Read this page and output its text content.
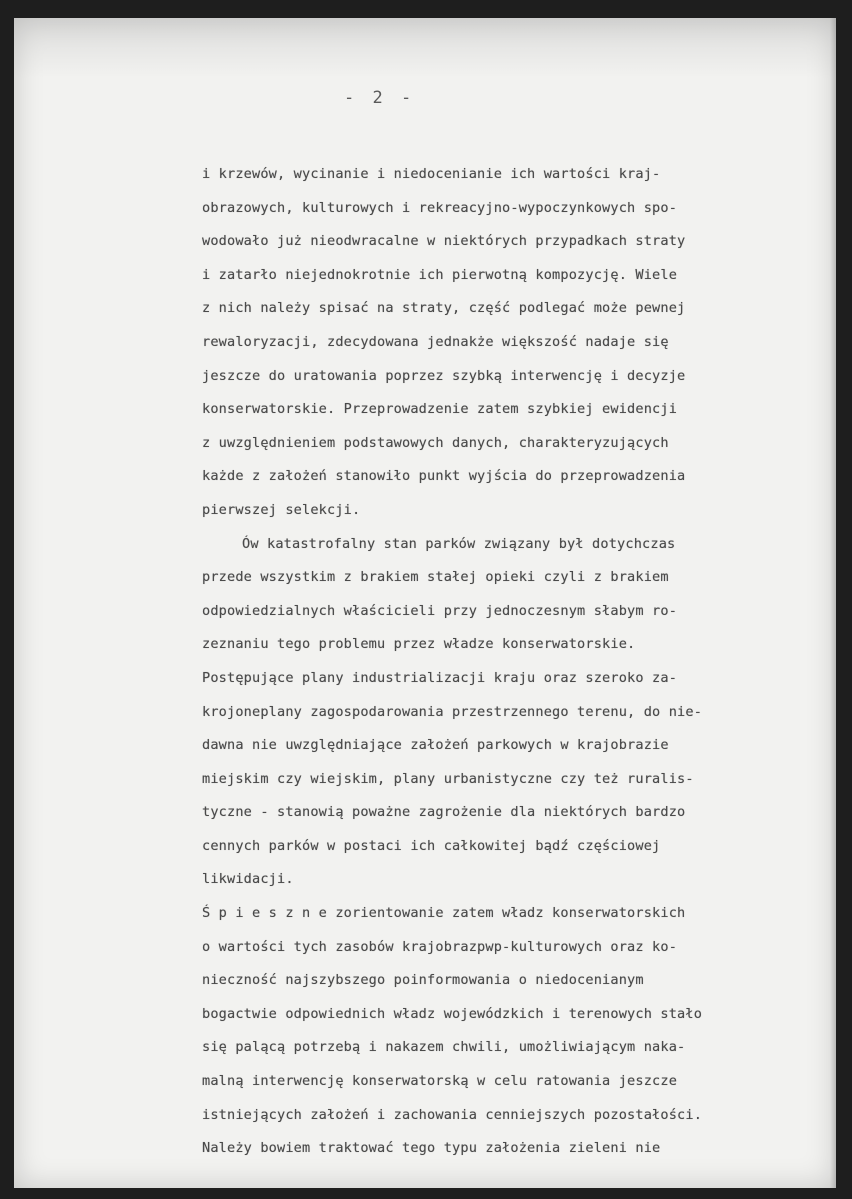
- 2 -
i krzewów, wycinanie i niedocenianie ich wartości kraj-
obrazowych, kulturowych i rekreacyjno-wypoczynkowych spo-
wodowało już nieodwracalne w niektórych przypadkach straty
i zatarło niejednokrotnie ich pierwotną kompozycję. Wiele
z nich należy spisać na straty, część podlegać może pewnej
rewaloryzacji, zdecydowana jednakże większość nadaje się
jeszcze do uratowania poprzez szybką interwencję i decyzje
konserwatorskie. Przeprowadzenie zatem szybkiej ewidencji
z uwzględnieniem podstawowych danych, charakteryzujących
każde z założeń stanowiło punkt wyjścia do przeprowadzenia
pierwszej selekcji.
Ów katastrofalny stan parków związany był dotychczas
przede wszystkim z brakiem stałej opieki czyli z brakiem
odpowiedzialnych właścicieli przy jednoczesnym słabym ro-
zeznaniu tego problemu przez władze konserwatorskie.
Postępujące plany industrializacji kraju oraz szeroko za-
krojoneplany zagospodarowania przestrzennego terenu, do nie-
dawna nie uwzględniające założeń parkowych w krajobrazie
miejskim czy wiejskim, plany urbanistyczne czy też ruralis-
tyczne - stanowią poważne zagrożenie dla niektórych bardzo
cennych parków w postaci ich całkowitej bądź częściowej
likwidacji.
Ś p i e s z n e zorientowanie zatem władz konserwatorskich
o wartości tych zasobów krajobrazpwp-kulturowych oraz ko-
nieczność najszybszego poinformowania o niedocenianym
bogactwie odpowiednich władz wojewódzkich i terenowych stało
się palącą potrzebą i nakazem chwili, umożliwiającym naka-
malną interwencję konserwatorską w celu ratowania jeszcze
istniejących założeń i zachowania cenniejszych pozostałości.
Należy bowiem traktować tego typu założenia zieleni nie
